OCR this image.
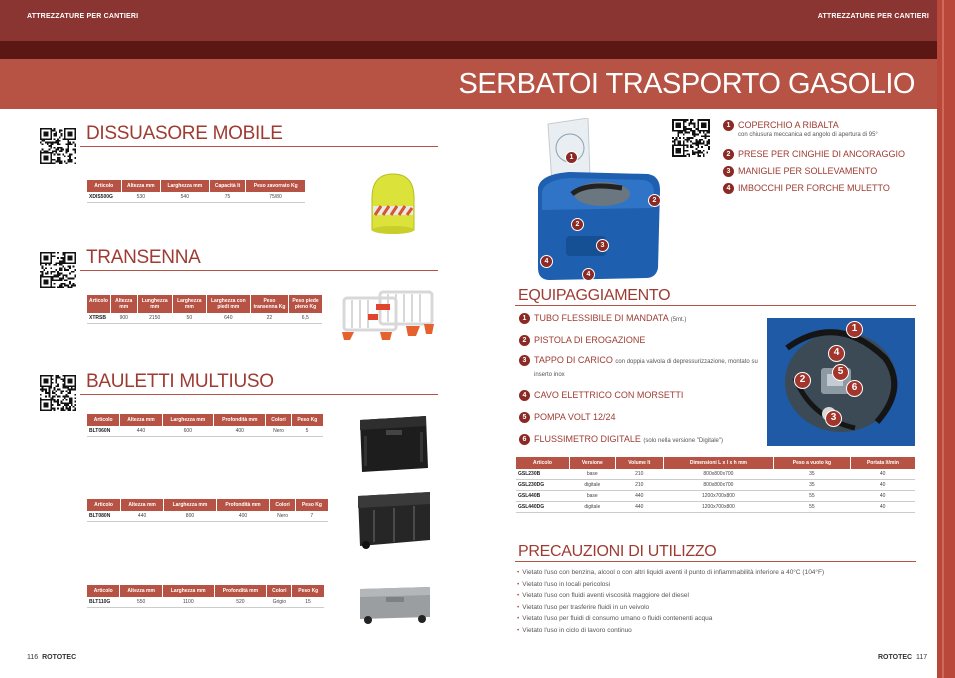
ATTREZZATURE PER CANTIERI	ATTREZZATURE PER CANTIERI
SERBATOI TRASPORTO GASOLIO
DISSUASORE MOBILE
Articolo	Altezza mm	Larghezza mm	Capacità lt	Peso zavorrato Kg
XDIS500G	530	540	75	75/80
TRANSENNA
Articolo	Altezza mm	Lunghezza mm	Larghezza mm	Larghezza con piedi mm	Peso transenna Kg	Peso piede pieno Kg
XTRSB	900	2150	50	640	22	6,5
BAULETTI MULTIUSO
Articolo	Altezza mm	Larghezza mm	Profondità mm	Colori	Peso Kg
BLT060N	440	600	400	Nero	5
Articolo	Altezza mm	Larghezza mm	Profondità mm	Colori	Peso Kg
BLT080N	440	800	400	Nero	7
Articolo	Altezza mm	Larghezza mm	Profondità mm	Colori	Peso Kg
BLT110G	550	1100	520	Grigio	15
1
2
2
3
4
4
1 COPERCHIO A RIBALTA
con chiusura meccanica ed angolo di apertura di 95°
2 PRESE PER CINGHIE DI ANCORAGGIO
3 MANIGLIE PER SOLLEVAMENTO
4 IMBOCCHI PER FORCHE MULETTO
EQUIPAGGIAMENTO
1 TUBO FLESSIBILE DI MANDATA (5mt.)
2 PISTOLA DI EROGAZIONE
3 TAPPO DI CARICO con doppia valvola di depressurizzazione, montato su inserto inox
4 CAVO ELETTRICO CON MORSETTI
5 POMPA VOLT 12/24
6 FLUSSIMETRO DIGITALE (solo nella versione "Digitale")
1
4
5
2
6
3
Articolo	Versione	Volume lt	Dimensioni L x l x h mm	Peso a vuoto kg	Portata lt/min
GSL230B	base	210	800x800x700	35	40
GSL230DG	digitale	210	800x800x700	35	40
GSL440B	base	440	1200x700x800	55	40
GSL440DG	digitale	440	1200x700x800	55	40
PRECAUZIONI DI UTILIZZO
• Vietato l'uso con benzina, alcool o con altri liquidi aventi il punto di infiammabilità inferiore a 40°C (104°F)
• Vietato l'uso in locali pericolosi
• Vietato l'uso con fluidi aventi viscosità maggiore del diesel
• Vietato l'uso per trasferire fluidi in un veivolo
• Vietato l'uso per fluidi di consumo umano o fluidi contenenti acqua
• Vietato l'uso in ciclo di lavoro continuo
116 ROTOTEC	ROTOTEC 117
